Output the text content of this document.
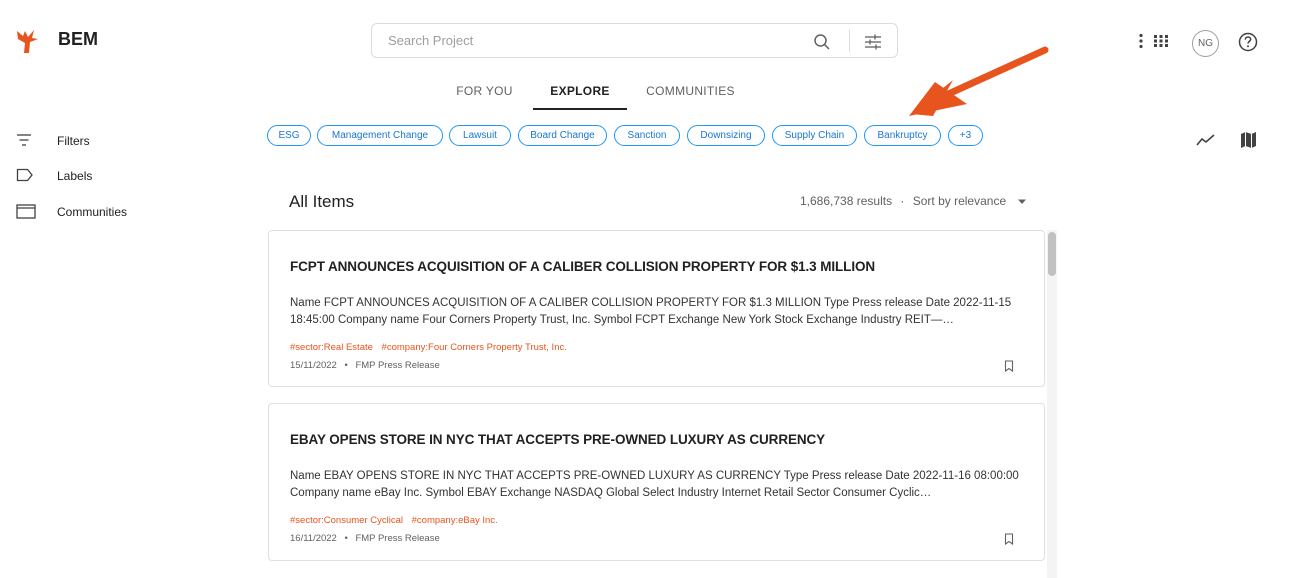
BEM
Search Project	NG
FOR YOU	EXPLORE	COMMUNITIES
Filters
Labels
Communities
ESG	Management Change	Lawsuit	Board Change	Sanction	Downsizing	Supply Chain	Bankruptcy	+3
All Items	1,686,738 results · Sort by relevance
FCPT ANNOUNCES ACQUISITION OF A CALIBER COLLISION PROPERTY FOR $1.3 MILLION
Name FCPT ANNOUNCES ACQUISITION OF A CALIBER COLLISION PROPERTY FOR $1.3 MILLION Type Press release Date 2022-11-15 18:45:00 Company name Four Corners Property Trust, Inc. Symbol FCPT Exchange New York Stock Exchange Industry REIT—…
#sector:Real Estate #company:Four Corners Property Trust, Inc.
15/11/2022 • FMP Press Release
EBAY OPENS STORE IN NYC THAT ACCEPTS PRE-OWNED LUXURY AS CURRENCY
Name EBAY OPENS STORE IN NYC THAT ACCEPTS PRE-OWNED LUXURY AS CURRENCY Type Press release Date 2022-11-16 08:00:00 Company name eBay Inc. Symbol EBAY Exchange NASDAQ Global Select Industry Internet Retail Sector Consumer Cyclic…
#sector:Consumer Cyclical #company:eBay Inc.
16/11/2022 • FMP Press Release
